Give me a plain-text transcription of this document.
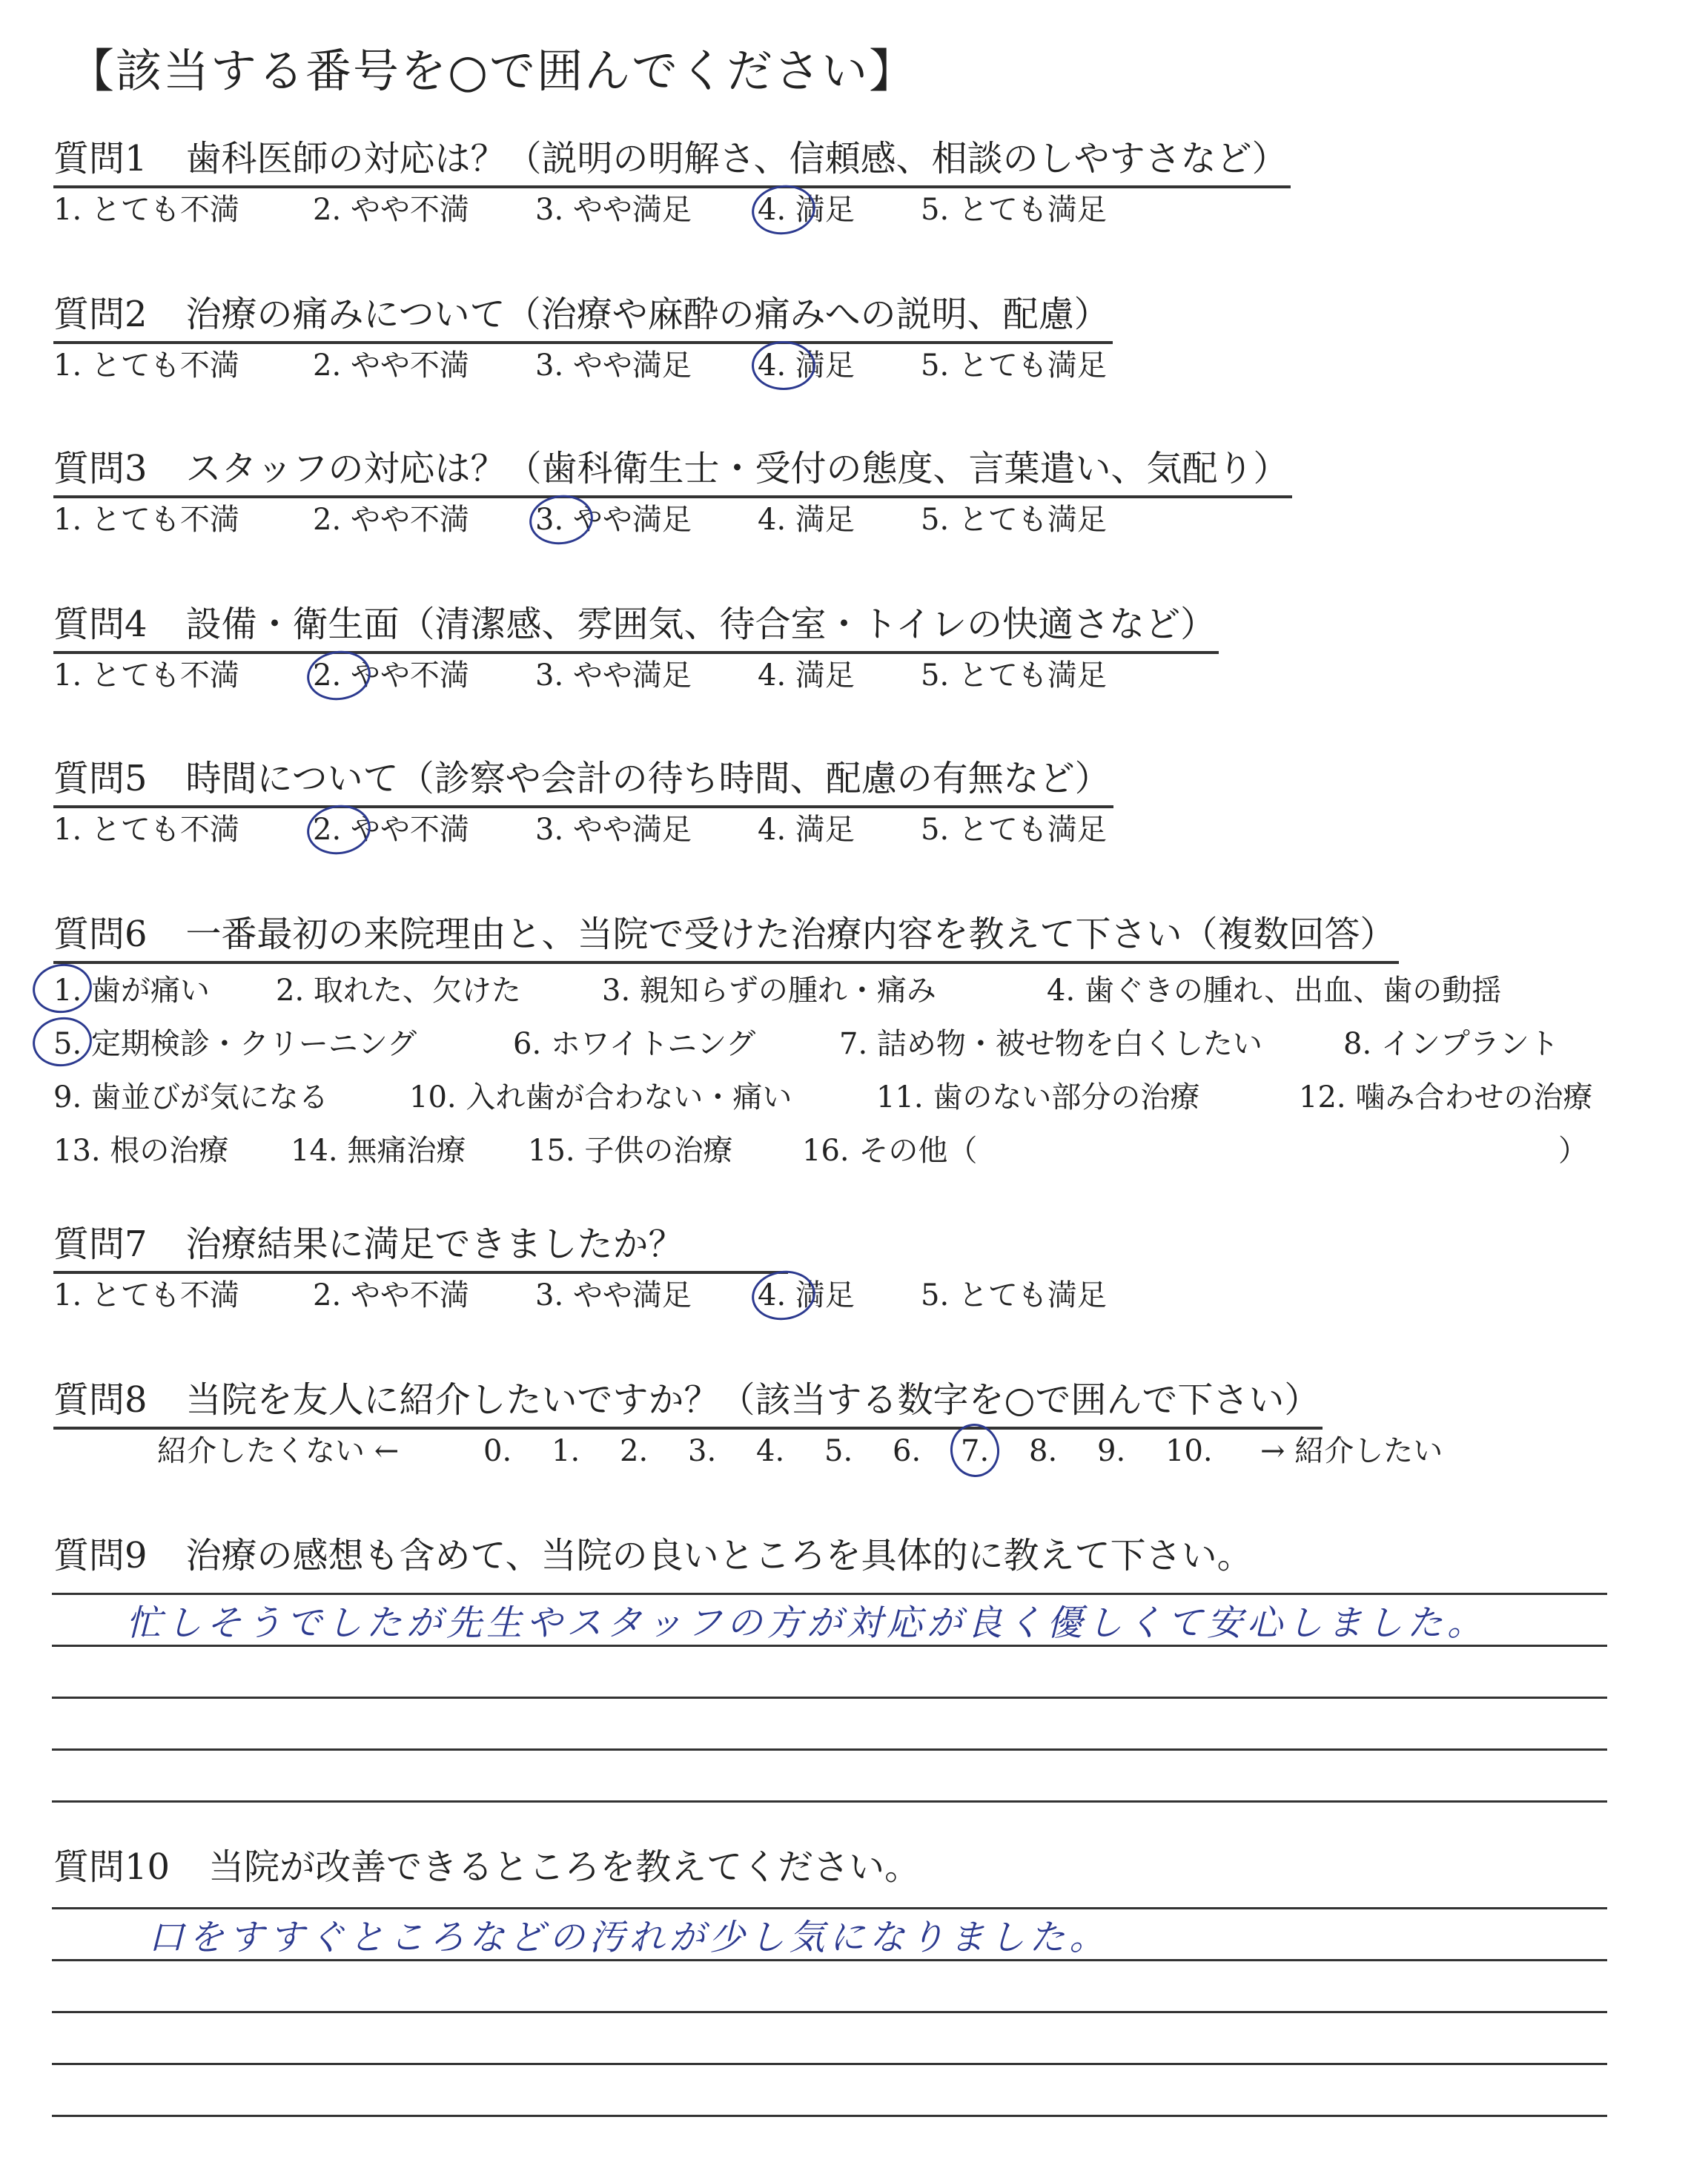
【該当する番号を○で囲んでください】
質問1 歯科医師の対応は？（説明の明解さ、信頼感、相談のしやすさなど）
1. とても不満 2. やや不満 3. やや満足 4. 満足 5. とても満足
質問2 治療の痛みについて（治療や麻酔の痛みへの説明、配慮）
1. とても不満 2. やや不満 3. やや満足 4. 満足 5. とても満足
質問3 スタッフの対応は？（歯科衛生士・受付の態度、言葉遣い、気配り）
1. とても不満 2. やや不満 3. やや満足 4. 満足 5. とても満足
質問4 設備・衛生面（清潔感、雰囲気、待合室・トイレの快適さなど）
1. とても不満 2. やや不満 3. やや満足 4. 満足 5. とても満足
質問5 時間について（診察や会計の待ち時間、配慮の有無など）
1. とても不満 2. やや不満 3. やや満足 4. 満足 5. とても満足
質問6 一番最初の来院理由と、当院で受けた治療内容を教えて下さい（複数回答）
1. 歯が痛い 2. 取れた、欠けた	3. 親知らずの腫れ・痛み	4. 歯ぐきの腫れ、出血、歯の動揺
5. 定期検診・クリーニング	6. ホワイトニング	7. 詰め物・被せ物を白くしたい	8. インプラント
9. 歯並びが気になる	10. 入れ歯が合わない・痛い	11. 歯のない部分の治療	12. 噛み合わせの治療
13. 根の治療 14. 無痛治療 15. 子供の治療 16. その他（	）
質問7 治療結果に満足できましたか？
1. とても不満 2. やや不満 3. やや満足 4. 満足 5. とても満足
質問8 当院を友人に紹介したいですか？（該当する数字を○で囲んで下さい）
紹介したくない ←	0. 1. 2. 3. 4. 5. 6. 7. 8. 9. 10. → 紹介したい
質問9 治療の感想も含めて、当院の良いところを具体的に教えて下さい。
忙しそうでしたが先生やスタッフの方が対応が良く優しくて安心しました。
質問10 当院が改善できるところを教えてください。
口をすすぐところなどの汚れが少し気になりました。
